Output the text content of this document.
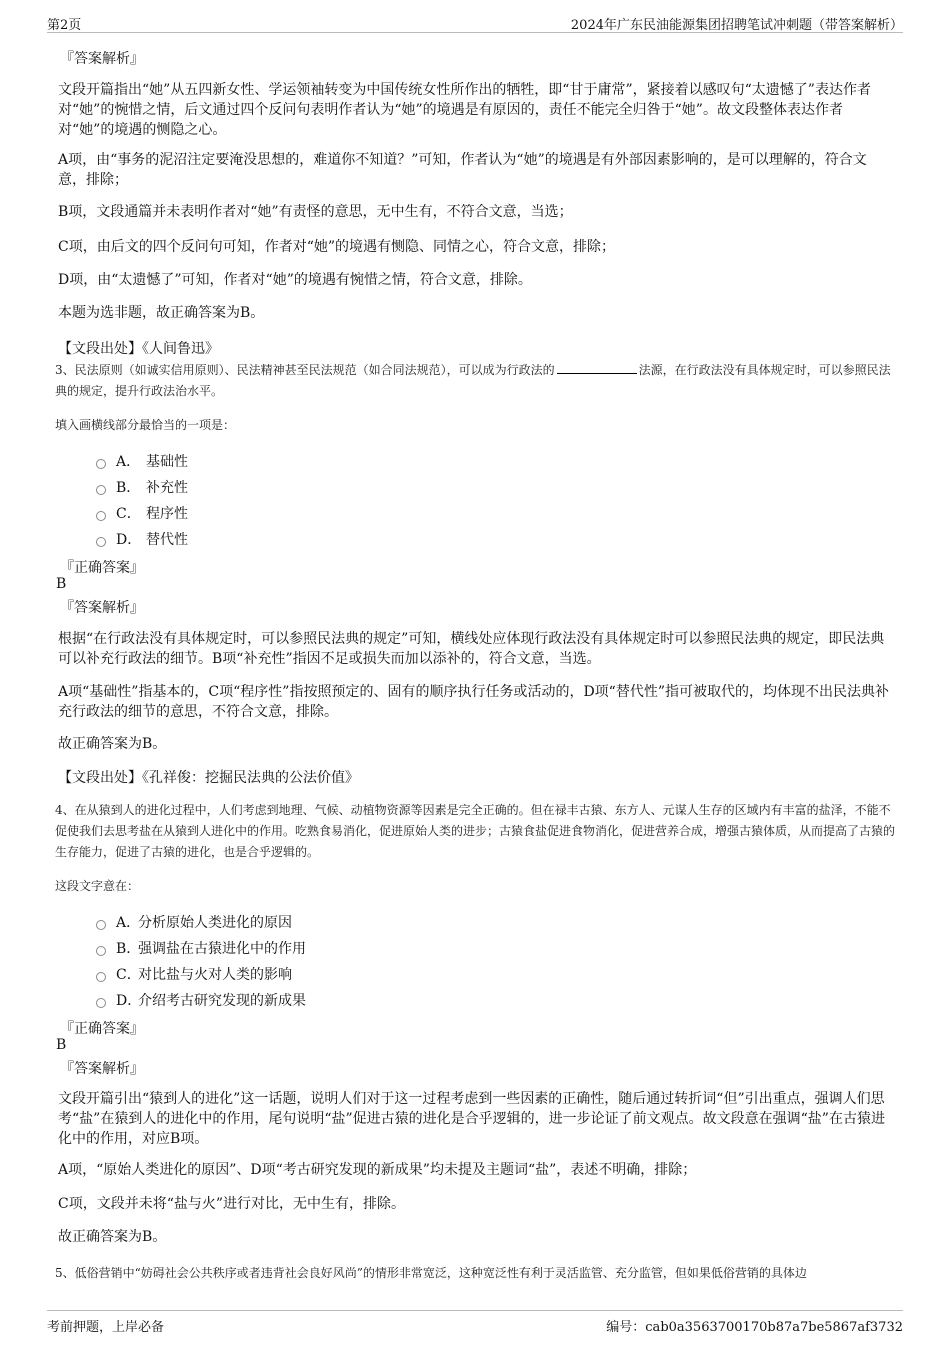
第2页	2024年广东民油能源集团招聘笔试冲刺题（带答案解析）
『答案解析』
文段开篇指出“她”从五四新女性、学运领袖转变为中国传统女性所作出的牺牲，即“甘于庸常”，紧接着以感叹句“太遗憾了”表达作者对“她”的惋惜之情，后文通过四个反问句表明作者认为“她”的境遇是有原因的，责任不能完全归咎于“她”。故文段整体表达作者对“她”的境遇的恻隐之心。
A项，由“事务的泥沼注定要淹没思想的，难道你不知道？”可知，作者认为“她”的境遇是有外部因素影响的，是可以理解的，符合文意，排除；
B项，文段通篇并未表明作者对“她”有责怪的意思，无中生有，不符合文意，当选；
C项，由后文的四个反问句可知，作者对“她”的境遇有恻隐、同情之心，符合文意，排除；
D项，由“太遗憾了”可知，作者对“她”的境遇有惋惜之情，符合文意，排除。
本题为选非题，故正确答案为B。
【文段出处】《人间鲁迅》
3、民法原则（如诚实信用原则）、民法精神甚至民法规范（如合同法规范），可以成为行政法的	法源，在行政法没有具体规定时，可以参照民法典的规定，提升行政法治水平。
填入画横线部分最恰当的一项是：
A． 基础性
B． 补充性
C． 程序性
D． 替代性
『正确答案』
B
『答案解析』
根据“在行政法没有具体规定时，可以参照民法典的规定”可知，横线处应体现行政法没有具体规定时可以参照民法典的规定，即民法典可以补充行政法的细节。B项“补充性”指因不足或损失而加以添补的，符合文意，当选。
A项“基础性”指基本的，C项“程序性”指按照预定的、固有的顺序执行任务或活动的，D项“替代性”指可被取代的，均体现不出民法典补充行政法的细节的意思，不符合文意，排除。
故正确答案为B。
【文段出处】《孔祥俊：挖掘民法典的公法价值》
4、在从猿到人的进化过程中，人们考虑到地理、气候、动植物资源等因素是完全正确的。但在禄丰古猿、东方人、元谋人生存的区域内有丰富的盐泽，不能不促使我们去思考盐在从猿到人进化中的作用。吃熟食易消化，促进原始人类的进步；古猿食盐促进食物消化，促进营养合成，增强古猿体质，从而提高了古猿的生存能力，促进了古猿的进化，也是合乎逻辑的。
这段文字意在：
A．分析原始人类进化的原因
B．强调盐在古猿进化中的作用
C．对比盐与火对人类的影响
D．介绍考古研究发现的新成果
『正确答案』
B
『答案解析』
文段开篇引出“猿到人的进化”这一话题，说明人们对于这一过程考虑到一些因素的正确性，随后通过转折词“但”引出重点，强调人们思考“盐”在猿到人的进化中的作用，尾句说明“盐”促进古猿的进化是合乎逻辑的，进一步论证了前文观点。故文段意在强调“盐”在古猿进化中的作用，对应B项。
A项，“原始人类进化的原因”、D项“考古研究发现的新成果”均未提及主题词“盐”，表述不明确，排除；
C项，文段并未将“盐与火”进行对比，无中生有，排除。
故正确答案为B。
5、低俗营销中“妨碍社会公共秩序或者违背社会良好风尚”的情形非常宽泛，这种宽泛性有利于灵活监管、充分监管，但如果低俗营销的具体边
考前押题，上岸必备	编号：cab0a3563700170b87a7be5867af3732
